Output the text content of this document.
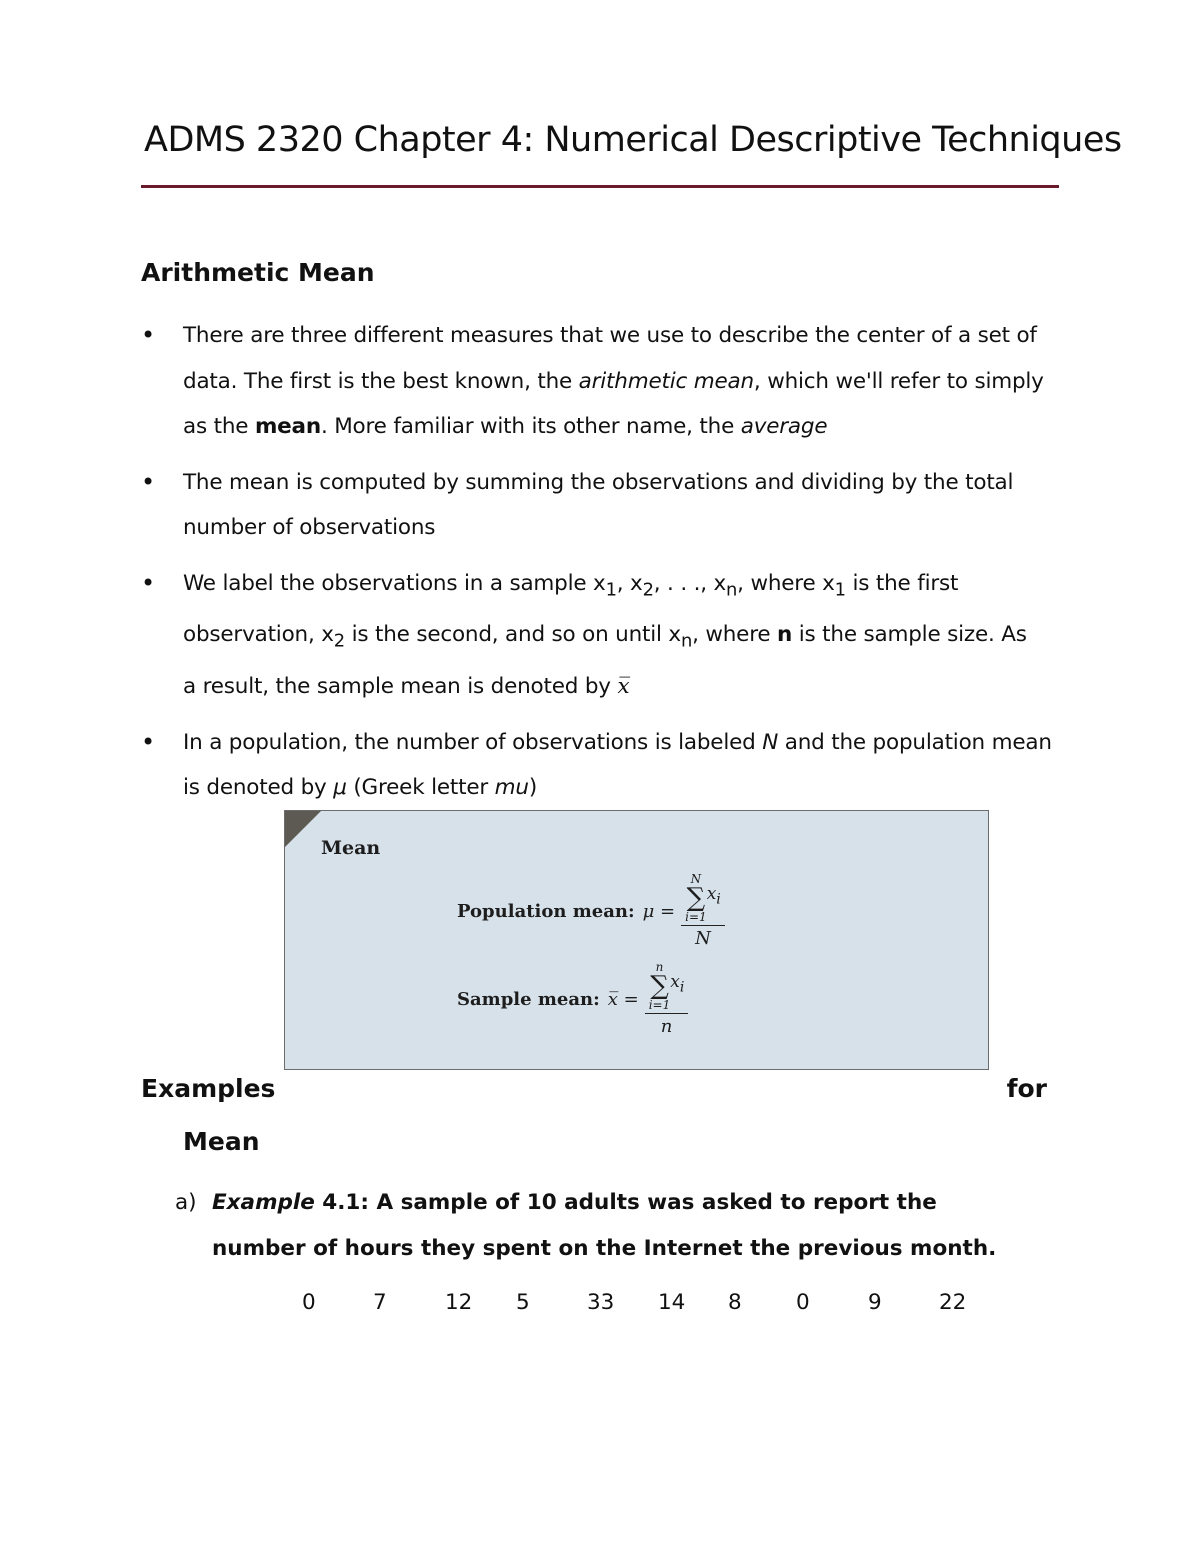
ADMS 2320 Chapter 4: Numerical Descriptive Techniques
Arithmetic Mean
• There are three different measures that we use to describe the center of a set of data. The first is the best known, the arithmetic mean, which we'll refer to simply as the mean. More familiar with its other name, the average
• The mean is computed by summing the observations and dividing by the total number of observations
• We label the observations in a sample $x_1$, $x_2$, . . ., $x_n$, where $x_1$ is the first
observation, $x_2$ is the second, and so on until $x_n$, where n is the sample size. As
a result, the sample mean is denoted by x̅
• In a population, the number of observations is labeled N and the population mean is denoted by μ (Greek letter mu)
Mean
Population mean: μ = N
∑
i=1
$x_i$
N
Sample mean: x̅ = n
∑
i=1
$x_i$
n
Examples	for
Mean
a) Example 4.1: A sample of 10 adults was asked to report the number of hours they spent on the Internet the previous month.
0	7	12 5	33 14 8	0	9	22
